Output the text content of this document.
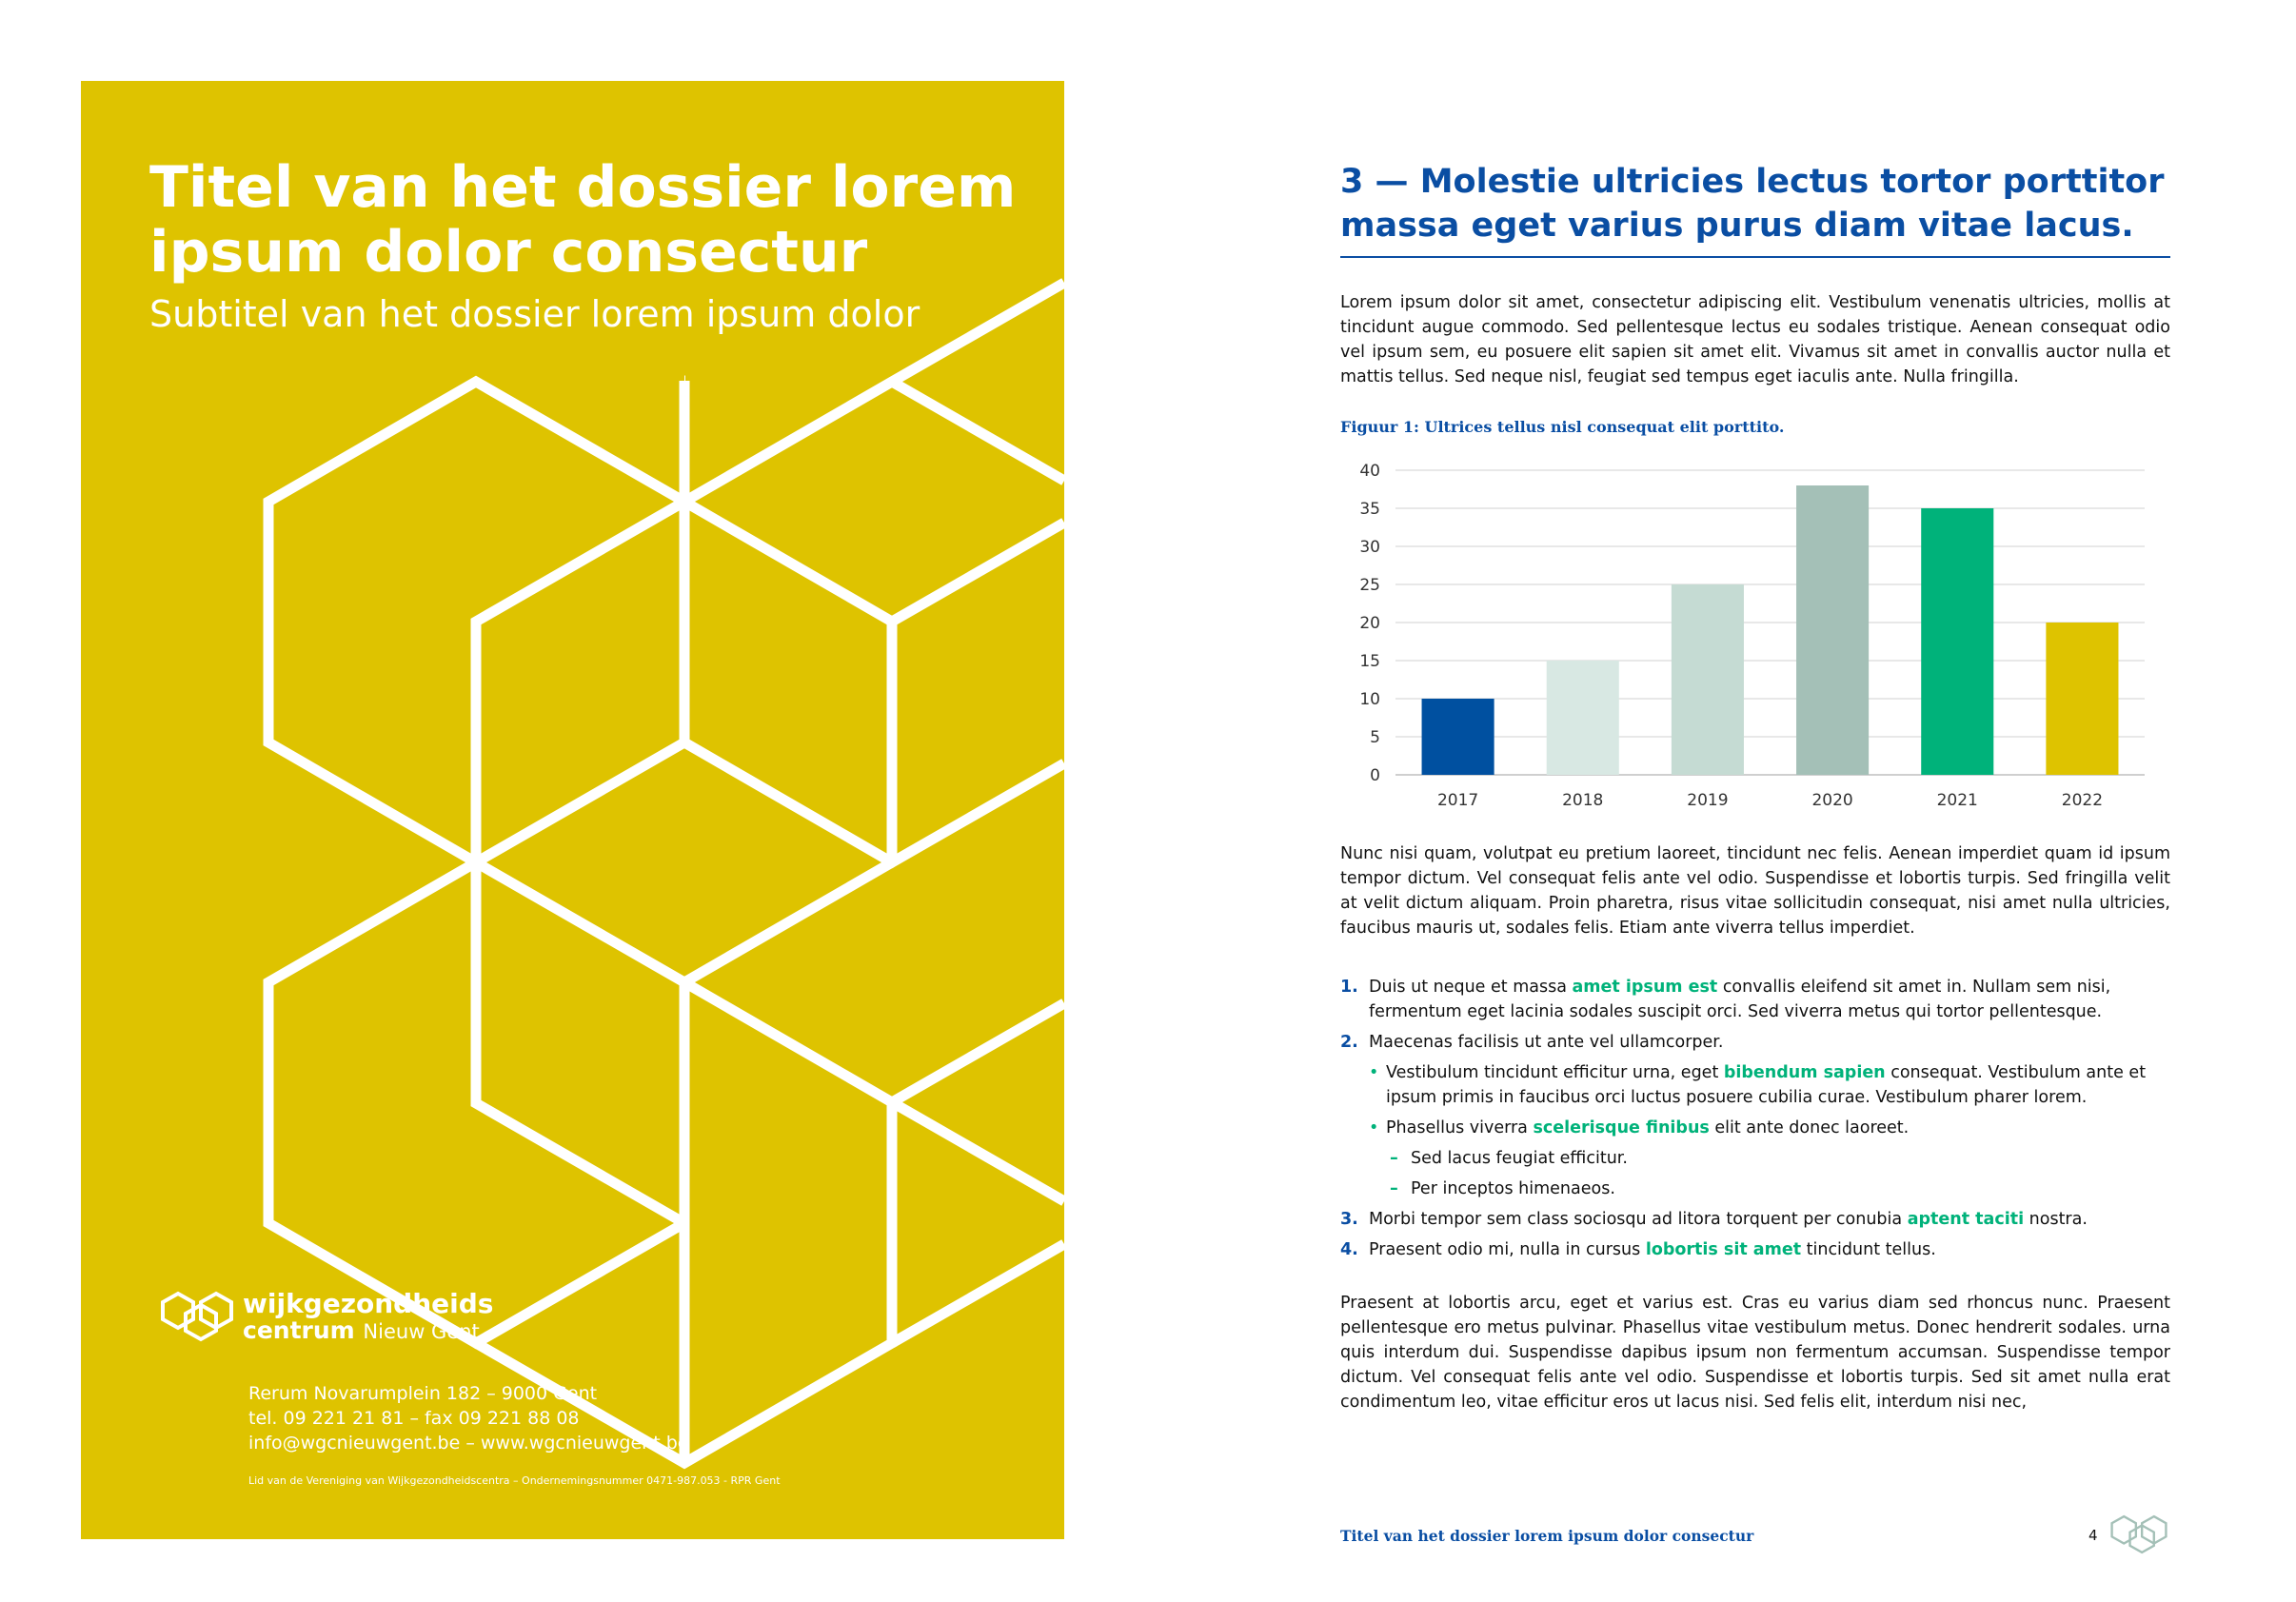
Titel van het dossier lorem ipsum dolor consectur

Subtitel van het dossier lorem ipsum dolor

wijkgezondheids
centrum Nieuw Gent
Rerum Novarumplein 182 – 9000 Gent
tel. 09 221 21 81 – fax 09 221 88 08
info@wgcnieuwgent.be – www.wgcnieuwgent.be
Lid van de Vereniging van Wijkgezondheidscentra – Ondernemingsnummer 0471-987.053 - RPR Gent
3 — Molestie ultricies lectus tortor porttitor massa eget varius purus diam vitae lacus.

Lorem ipsum dolor sit amet, consectetur adipiscing elit. Vestibulum venenatis ultricies, mollis at tincidunt augue commodo. Sed pellentesque lectus eu sodales tristique. Aenean consequat odio vel ipsum sem, eu posuere elit sapien sit amet elit. Vivamus sit amet in convallis auctor nulla et mattis tellus. Sed neque nisl, feugiat sed tempus eget iaculis ante. Nulla fringilla.

Figuur 1: Ultrices tellus nisl consequat elit porttito.

0
5
10
15
20
25
30
35
40
2017	2018	2019	2020	2021	2022

Nunc nisi quam, volutpat eu pretium laoreet, tincidunt nec felis. Aenean imperdiet quam id ipsum tempor dictum. Vel consequat felis ante vel odio. Suspendisse et lobortis turpis. Sed fringilla velit at velit dictum aliquam. Proin pharetra, risus vitae sollicitudin consequat, nisi amet nulla ultricies, faucibus mauris ut, sodales felis. Etiam ante viverra tellus imperdiet.

1. Duis ut neque et massa amet ipsum est convallis eleifend sit amet in. Nullam sem nisi, fermentum eget lacinia sodales suscipit orci. Sed viverra metus qui tortor pellentesque.
2. Maecenas facilisis ut ante vel ullamcorper.
• Vestibulum tincidunt efficitur urna, eget bibendum sapien consequat. Vestibulum ante et ipsum primis in faucibus orci luctus posuere cubilia curae. Vestibulum pharer lorem.
• Phasellus viverra scelerisque finibus elit ante donec laoreet.
– Sed lacus feugiat efficitur.
– Per inceptos himenaeos.
3. Morbi tempor sem class sociosqu ad litora torquent per conubia aptent taciti nostra.
4. Praesent odio mi, nulla in cursus lobortis sit amet tincidunt tellus.

Praesent at lobortis arcu, eget et varius est. Cras eu varius diam sed rhoncus nunc. Praesent pellentesque ero metus pulvinar. Phasellus vitae vestibulum metus. Donec hendrerit sodales. urna quis interdum dui. Suspendisse dapibus ipsum non fermentum accumsan. Suspendisse tempor dictum. Vel consequat felis ante vel odio. Suspendisse et lobortis turpis. Sed sit amet nulla erat condimentum leo, vitae efficitur eros ut lacus nisi. Sed felis elit, interdum nisi nec,

Titel van het dossier lorem ipsum dolor consectur	4
